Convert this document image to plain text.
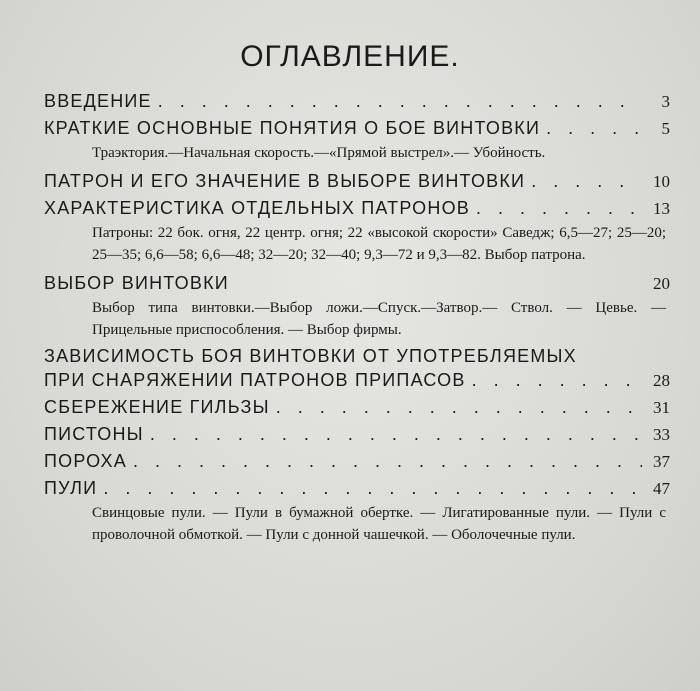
ОГЛАВЛЕНИЕ.
ВВЕДЕНИЕ . . .	3
КРАТКИЕ ОСНОВНЫЕ ПОНЯТИЯ О БОЕ ВИНТОВКИ . . .	5
Траэктория.—Начальная скорость.—«Прямой выстрел».— Убойность.
ПАТРОН И ЕГО ЗНАЧЕНИЕ В ВЫБОРЕ ВИНТОВКИ . . .	10
ХАРАКТЕРИСТИКА ОТДЕЛЬНЫХ ПАТРОНОВ . . .	13
Патроны: 22 бок. огня, 22 центр. огня; 22 «высокой скорости» Саведж; 6,5—27; 25—20; 25—35; 6,6—58; 6,6—48; 32—20; 32—40; 9,3—72 и 9,3—82. Выбор патрона.
ВЫБОР ВИНТОВКИ	20
Выбор типа винтовки.—Выбор ложи.—Спуск.—Затвор.— Ствол. — Цевье. — Прицельные приспособления. — Выбор фирмы.
ЗАВИСИМОСТЬ БОЯ ВИНТОВКИ ОТ УПОТРЕБЛЯЕМЫХ
ПРИ СНАРЯЖЕНИИ ПАТРОНОВ ПРИПАСОВ . . .	28
СБЕРЕЖЕНИЕ ГИЛЬЗЫ . . .	31
ПИСТОНЫ . . .	33
ПОРОХА . . .	37
ПУЛИ . . .	47
Свинцовые пули. — Пули в бумажной обертке. — Лигатированные пули. — Пули с проволочной обмоткой. — Пули с донной чашечкой. — Оболочечные пули.
